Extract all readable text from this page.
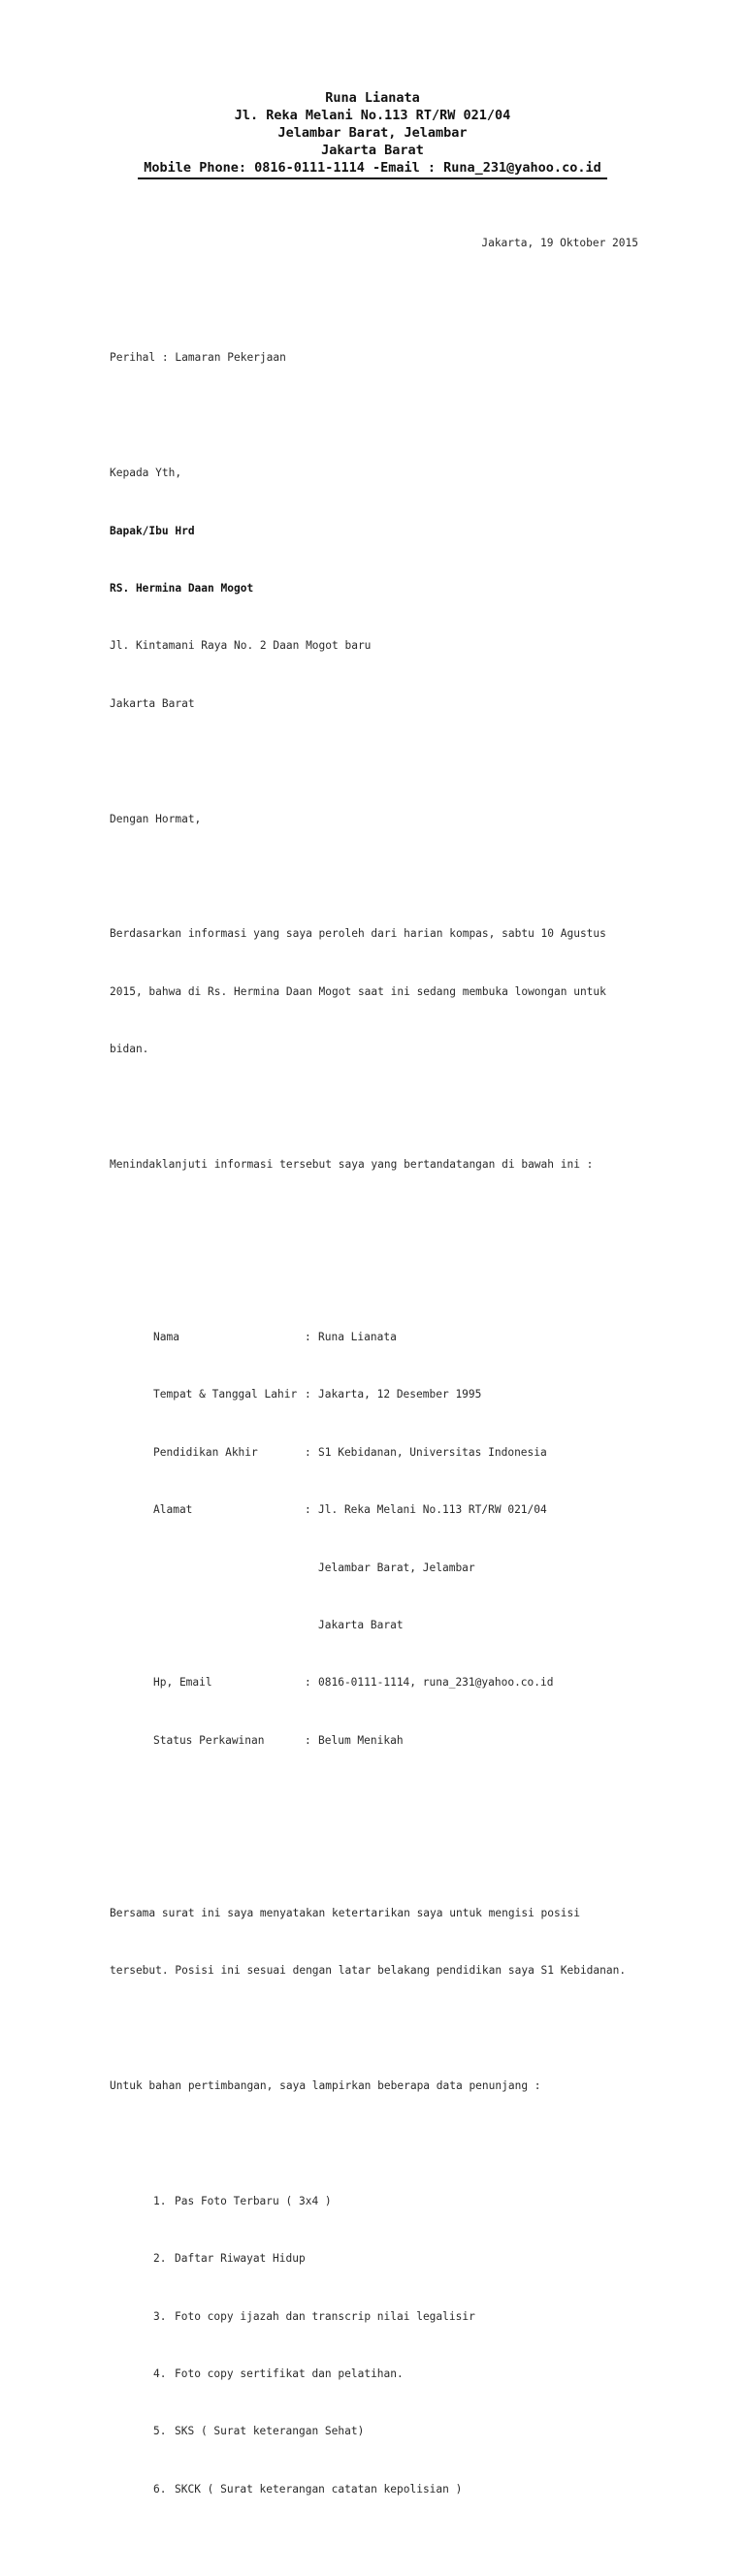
Runa Lianata
Jl. Reka Melani No.113 RT/RW 021/04
Jelambar Barat, Jelambar
Jakarta Barat
Mobile Phone: 0816-0111-1114 -Email : Runa_231@yahoo.co.id

Jakarta, 19 Oktober 2015

Perihal : Lamaran Pekerjaan

Kepada Yth,

Bapak/Ibu Hrd

RS. Hermina Daan Mogot

Jl. Kintamani Raya No. 2 Daan Mogot baru

Jakarta Barat

Dengan Hormat,

Berdasarkan informasi yang saya peroleh dari harian kompas, sabtu 10 Agustus

2015, bahwa di Rs. Hermina Daan Mogot saat ini sedang membuka lowongan untuk

bidan.

Menindaklanjuti informasi tersebut saya yang bertandatangan di bawah ini :

Nama	: Runa Lianata

Tempat & Tanggal Lahir : Jakarta, 12 Desember 1995

Pendidikan Akhir	: S1 Kebidanan, Universitas Indonesia

Alamat	: Jl. Reka Melani No.113 RT/RW 021/04

Jelambar Barat, Jelambar

Jakarta Barat

Hp, Email	: 0816-0111-1114, runa_231@yahoo.co.id

Status Perkawinan	: Belum Menikah

Bersama surat ini saya menyatakan ketertarikan saya untuk mengisi posisi

tersebut. Posisi ini sesuai dengan latar belakang pendidikan saya S1 Kebidanan.

Untuk bahan pertimbangan, saya lampirkan beberapa data penunjang :

1. Pas Foto Terbaru ( 3x4 )

2. Daftar Riwayat Hidup

3. Foto copy ijazah dan transcrip nilai legalisir

4. Foto copy sertifikat dan pelatihan.

5. SKS ( Surat keterangan Sehat)

6. SKCK ( Surat keterangan catatan kepolisian )
